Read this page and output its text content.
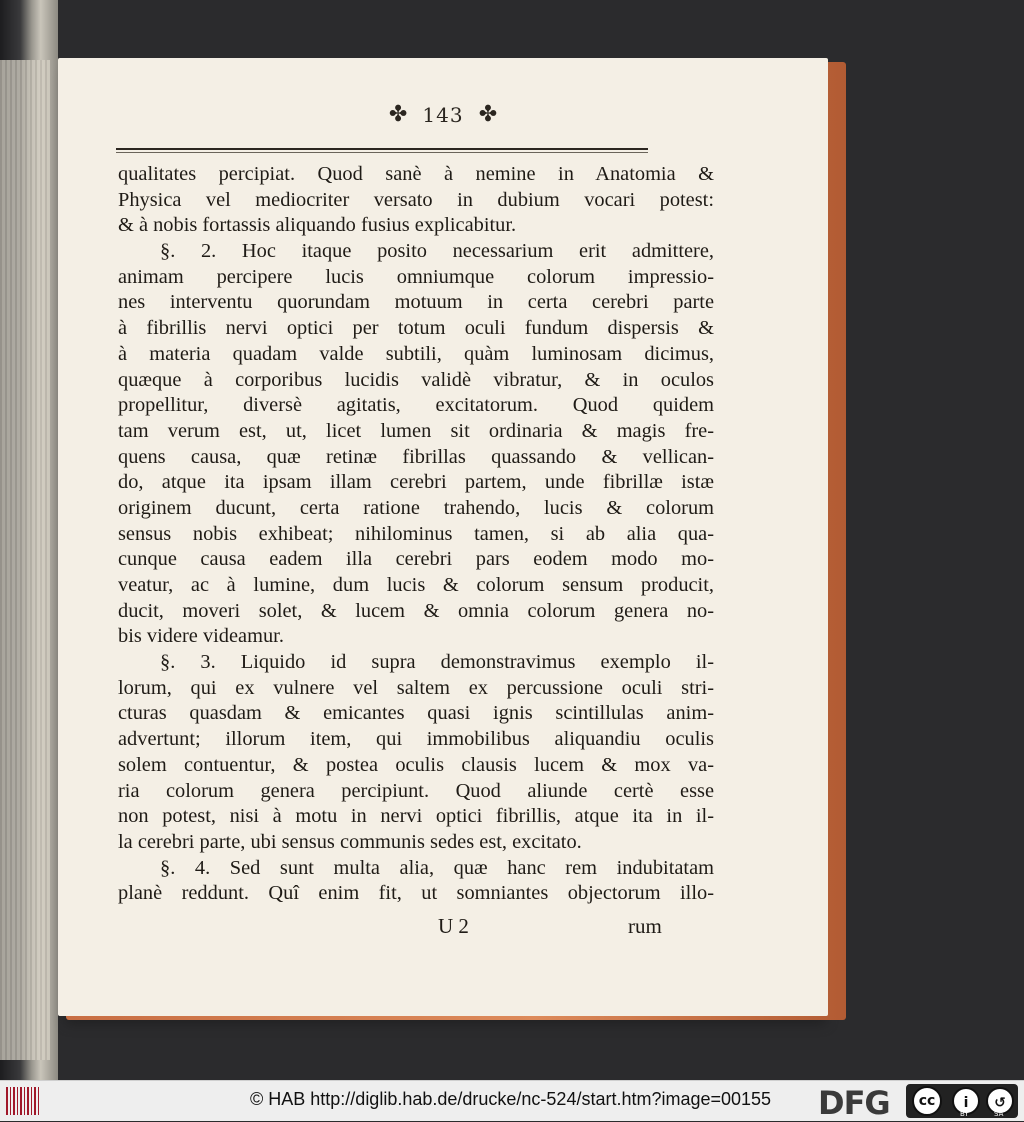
✤ 143 ✤
qualitates percipiat. Quod sanè à nemine in Anatomia &
Physica vel mediocriter versato in dubium vocari potest:
& à nobis fortassis aliquando fusius explicabitur.
§. 2. Hoc itaque posito necessarium erit admittere,
animam percipere lucis omniumque colorum impressio-
nes interventu quorundam motuum in certa cerebri parte
à fibrillis nervi optici per totum oculi fundum dispersis &
à materia quadam valde subtili, quàm luminosam dicimus,
quæque à corporibus lucidis validè vibratur, & in oculos
propellitur, diversè agitatis, excitatorum. Quod quidem
tam verum est, ut, licet lumen sit ordinaria & magis fre-
quens causa, quæ retinæ fibrillas quassando & vellican-
do, atque ita ipsam illam cerebri partem, unde fibrillæ istæ
originem ducunt, certa ratione trahendo, lucis & colorum
sensus nobis exhibeat; nihilominus tamen, si ab alia qua-
cunque causa eadem illa cerebri pars eodem modo mo-
veatur, ac à lumine, dum lucis & colorum sensum producit,
ducit, moveri solet, & lucem & omnia colorum genera no-
bis videre videamur.
§. 3. Liquido id supra demonstravimus exemplo il-
lorum, qui ex vulnere vel saltem ex percussione oculi stri-
cturas quasdam & emicantes quasi ignis scintillulas anim-
advertunt; illorum item, qui immobilibus aliquandiu oculis
solem contuentur, & postea oculis clausis lucem & mox va-
ria colorum genera percipiunt. Quod aliunde certè esse
non potest, nisi à motu in nervi optici fibrillis, atque ita in il-
la cerebri parte, ubi sensus communis sedes est, excitato.
§. 4. Sed sunt multa alia, quæ hanc rem indubitatam
planè reddunt. Quî enim fit, ut somniantes objectorum illo-
U 2	rum
© HAB http://diglib.hab.de/drucke/nc-524/start.htm?image=00155 DFG	cc	i	↺
BY	SA
